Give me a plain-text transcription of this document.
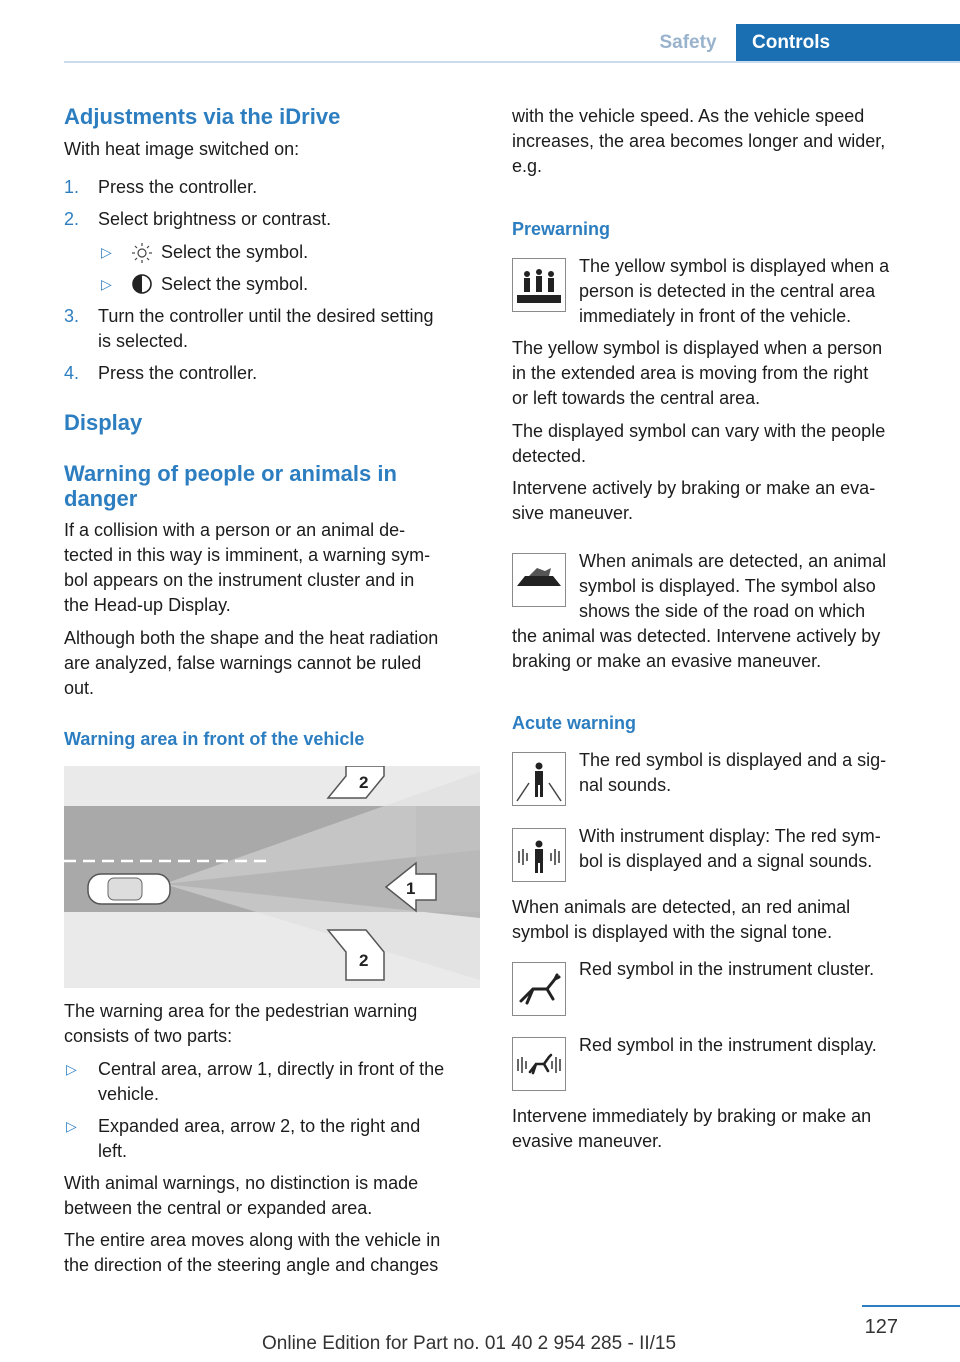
Safety	Controls
Adjustments via the iDrive
With heat image switched on:
1. Press the controller.
2. Select brightness or contrast.
▷	Select the symbol.
▷	Select the symbol.
3. Turn the controller until the desired setting
is selected.
4. Press the controller.
Display
Warning of people or animals in
danger
If a collision with a person or an animal de-
tected in this way is imminent, a warning sym-
bol appears on the instrument cluster and in
the Head-up Display.
Although both the shape and the heat radiation
are analyzed, false warnings cannot be ruled
out.
Warning area in front of the vehicle
1
2
2
The warning area for the pedestrian warning
consists of two parts:
▷ Central area, arrow 1, directly in front of the
vehicle.
▷ Expanded area, arrow 2, to the right and
left.
With animal warnings, no distinction is made
between the central or expanded area.
The entire area moves along with the vehicle in
the direction of the steering angle and changes
with the vehicle speed. As the vehicle speed
increases, the area becomes longer and wider,
e.g.
Prewarning
The yellow symbol is displayed when a
person is detected in the central area
immediately in front of the vehicle.
The yellow symbol is displayed when a person
in the extended area is moving from the right
or left towards the central area.
The displayed symbol can vary with the people
detected.
Intervene actively by braking or make an eva-
sive maneuver.
When animals are detected, an animal
symbol is displayed. The symbol also
shows the side of the road on which
the animal was detected. Intervene actively by
braking or make an evasive maneuver.
Acute warning
The red symbol is displayed and a sig-
nal sounds.
With instrument display: The red sym-
bol is displayed and a signal sounds.
When animals are detected, an red animal
symbol is displayed with the signal tone.
Red symbol in the instrument cluster.
Red symbol in the instrument display.
Intervene immediately by braking or make an
evasive maneuver.
127
Online Edition for Part no. 01 40 2 954 285 - II/15
